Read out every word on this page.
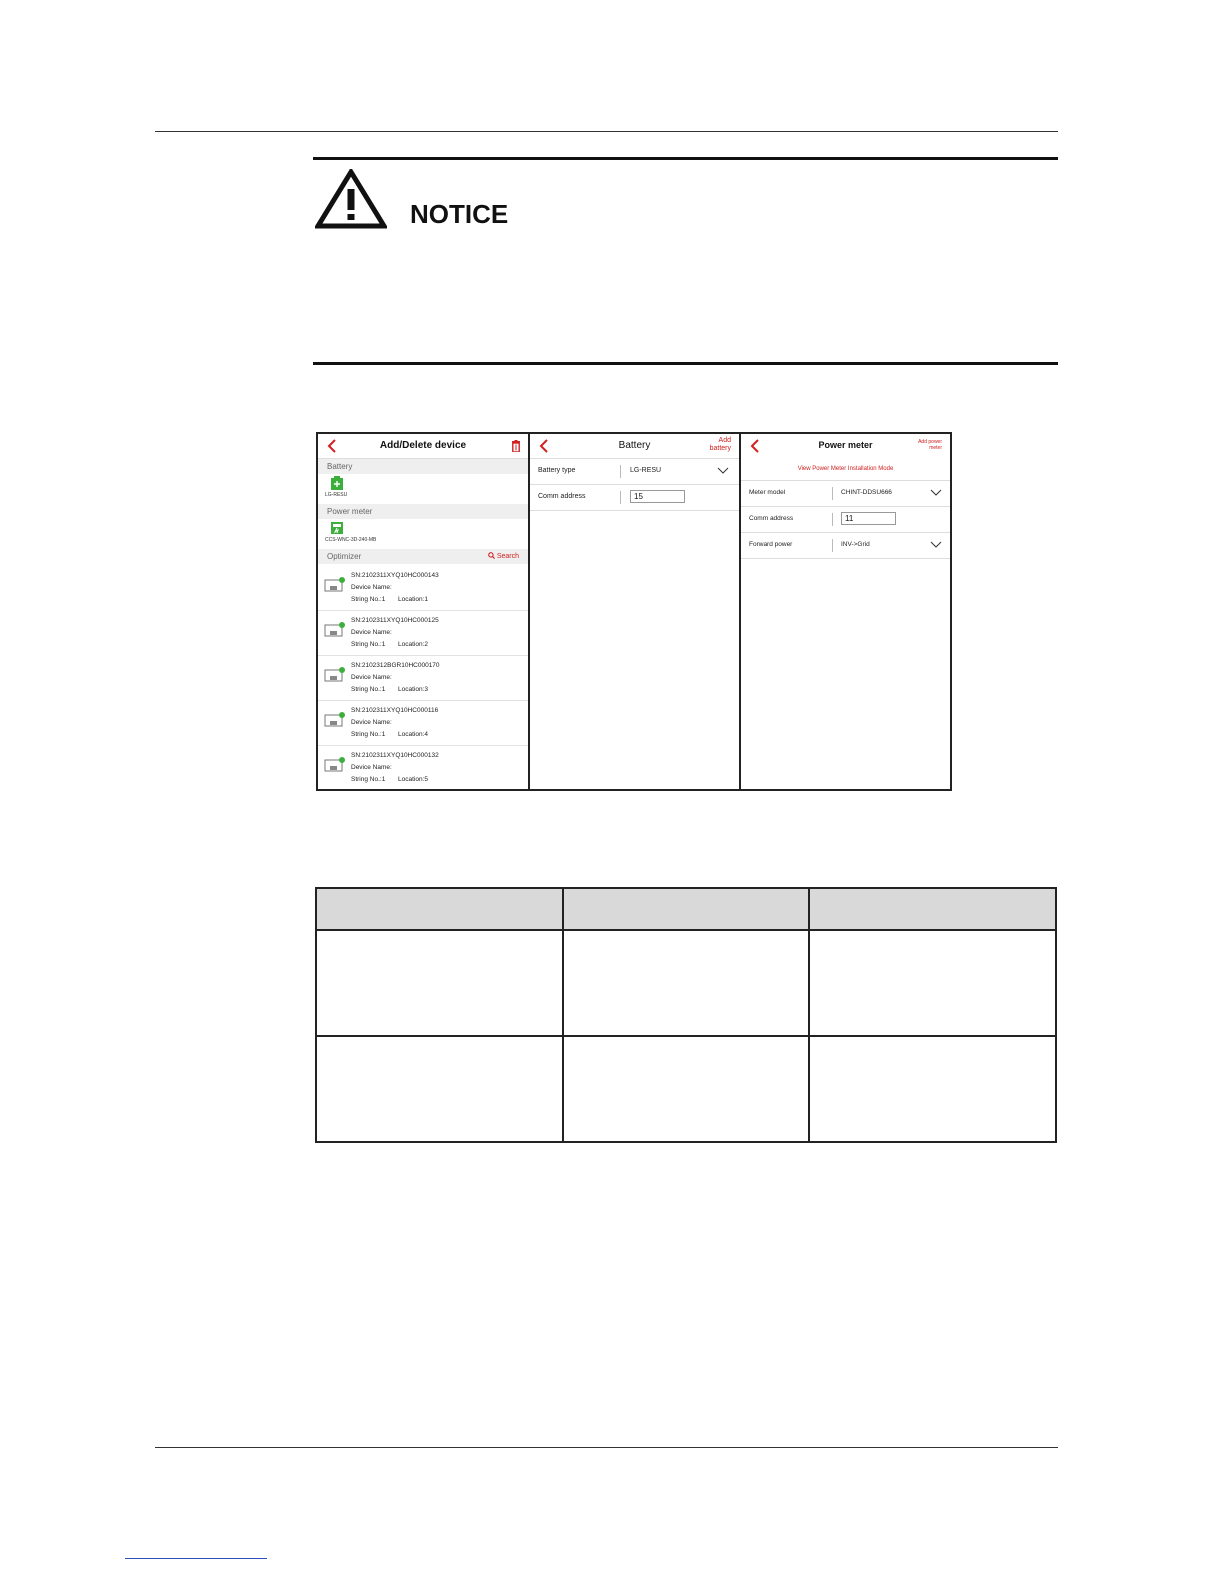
NOTICE
Add/Delete device
Battery
LG-RESU
Power meter
CCS-WNC-3D-240-MB
Optimizer	Search
SN:2102311XYQ10HC000143
Device Name:
String No.:1 Location:1
SN:2102311XYQ10HC000125
Device Name:
String No.:1 Location:2
SN:2102312BGR10HC000170
Device Name:
String No.:1 Location:3
SN:2102311XYQ10HC000116
Device Name:
String No.:1 Location:4
SN:2102311XYQ10HC000132
Device Name:
String No.:1 Location:5
Battery	Add
battery
Battery type	LG-RESU
Comm address	15
Power meter	Add power
meter
View Power Meter Installation Mode
Meter model	CHINT-DDSU666
Comm address	11
Forward power	INV->Grid
